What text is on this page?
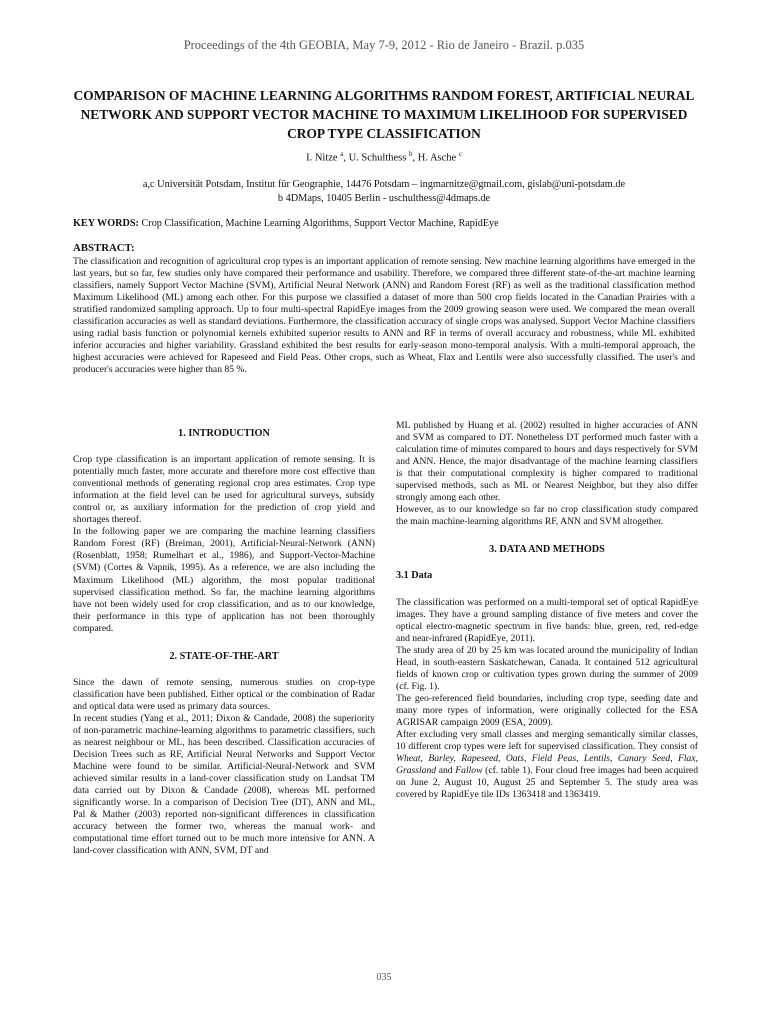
Proceedings of the 4th GEOBIA, May 7-9, 2012 - Rio de Janeiro - Brazil. p.035
COMPARISON OF MACHINE LEARNING ALGORITHMS RANDOM FOREST, ARTIFICIAL NEURAL NETWORK AND SUPPORT VECTOR MACHINE TO MAXIMUM LIKELIHOOD FOR SUPERVISED CROP TYPE CLASSIFICATION
I. Nitze $^a$, U. Schulthess $^b$, H. Asche $^c$
a,c Universität Potsdam, Institut für Geographie, 14476 Potsdam – ingmarnitze@gmail.com, gislab@uni-potsdam.de
b 4DMaps, 10405 Berlin - uschulthess@4dmaps.de
KEY WORDS: Crop Classification, Machine Learning Algorithms, Support Vector Machine, RapidEye
ABSTRACT:
The classification and recognition of agricultural crop types is an important application of remote sensing. New machine learning algorithms have emerged in the last years, but so far, few studies only have compared their performance and usability. Therefore, we compared three different state-of-the-art machine learning classifiers, namely Support Vector Machine (SVM), Artificial Neural Network (ANN) and Random Forest (RF) as well as the traditional classification method Maximum Likelihood (ML) among each other. For this purpose we classified a dataset of more than 500 crop fields located in the Canadian Prairies with a stratified randomized sampling approach. Up to four multi-spectral RapidEye images from the 2009 growing season were used. We compared the mean overall classification accuracies as well as standard deviations. Furthermore, the classification accuracy of single crops was analysed. Support Vector Machine classifiers using radial basis function or polynomial kernels exhibited superior results to ANN and RF in terms of overall accuracy and robustness, while ML exhibited inferior accuracies and higher variability. Grassland exhibited the best results for early-season mono-temporal analysis. With a multi-temporal approach, the highest accuracies were achieved for Rapeseed and Field Peas. Other crops, such as Wheat, Flax and Lentils were also successfully classified. The user's and producer's accuracies were higher than 85 %.
1. INTRODUCTION

Crop type classification is an important application of remote sensing. It is potentially much faster, more accurate and therefore more cost effective than conventional methods of generating regional crop area estimates. Crop type information at the field level can be used for agricultural surveys, subsidy control or, as auxiliary information for the prediction of crop yield and shortages thereof.

In the following paper we are comparing the machine learning classifiers Random Forest (RF) (Breiman, 2001), Artificial-Neural-Network (ANN) (Rosenblatt, 1958; Rumelhart et al., 1986), and Support-Vector-Machine (SVM) (Cortes & Vapnik, 1995). As a reference, we are also including the Maximum Likelihood (ML) algorithm, the most popular traditional supervised classification method. So far, the machine learning algorithms have not been widely used for crop classification, and as to our knowledge, their performance in this type of application has not been thoroughly compared.

2. STATE-OF-THE-ART

Since the dawn of remote sensing, numerous studies on crop-type classification have been published. Either optical or the combination of Radar and optical data were used as primary data sources.

In recent studies (Yang et al., 2011; Dixon & Candade, 2008) the superiority of non-parametric machine-learning algorithms to parametric classifiers, such as nearest neighbour or ML, has been described. Classification accuracies of Decision Trees such as RF, Artificial Neural Networks and Support Vector Machine were found to be similar. Artificial-Neural-Network and SVM achieved similar results in a land-cover classification study on Landsat TM data carried out by Dixon & Candade (2008), whereas ML performed significantly worse. In a comparison of Decision Tree (DT), ANN and ML, Pal & Mather (2003) reported non-significant differences in classification accuracy between the former two, whereas the manual work- and computational time effort turned out to be much more intensive for ANN. A land-cover classification with ANN, SVM, DT and

ML published by Huang et al. (2002) resulted in higher accuracies of ANN and SVM as compared to DT. Nonetheless DT performed much faster with a calculation time of minutes compared to hours and days respectively for SVM and ANN. Hence, the major disadvantage of the machine learning classifiers is that their computational complexity is higher compared to traditional supervised methods, such as ML or Nearest Neighbor, but they also differ strongly among each other.

However, as to our knowledge so far no crop classification study compared the main machine-learning algorithms RF, ANN and SVM altogether.

3. DATA AND METHODS
3.1 Data

The classification was performed on a multi-temporal set of optical RapidEye images. They have a ground sampling distance of five meters and cover the optical electro-magnetic spectrum in five bands: blue, green, red, red-edge and near-infrared (RapidEye, 2011).

The study area of 20 by 25 km was located around the municipality of Indian Head, in south-eastern Saskatchewan, Canada. It contained 512 agricultural fields of known crop or cultivation types grown during the summer of 2009 (cf. Fig. 1).

The geo-referenced field boundaries, including crop type, seeding date and many more types of information, were originally collected for the ESA AGRISAR campaign 2009 (ESA, 2009).

After excluding very small classes and merging semantically similar classes, 10 different crop types were left for supervised classification. They consist of Wheat, Barley, Rapeseed, Oats, Field Peas, Lentils, Canary Seed, Flax, Grassland and Fallow (cf. table 1). Four cloud free images had been acquired on June 2, August 10, August 25 and September 5. The study area was covered by RapidEye tile IDs 1363418 and 1363419.

035
